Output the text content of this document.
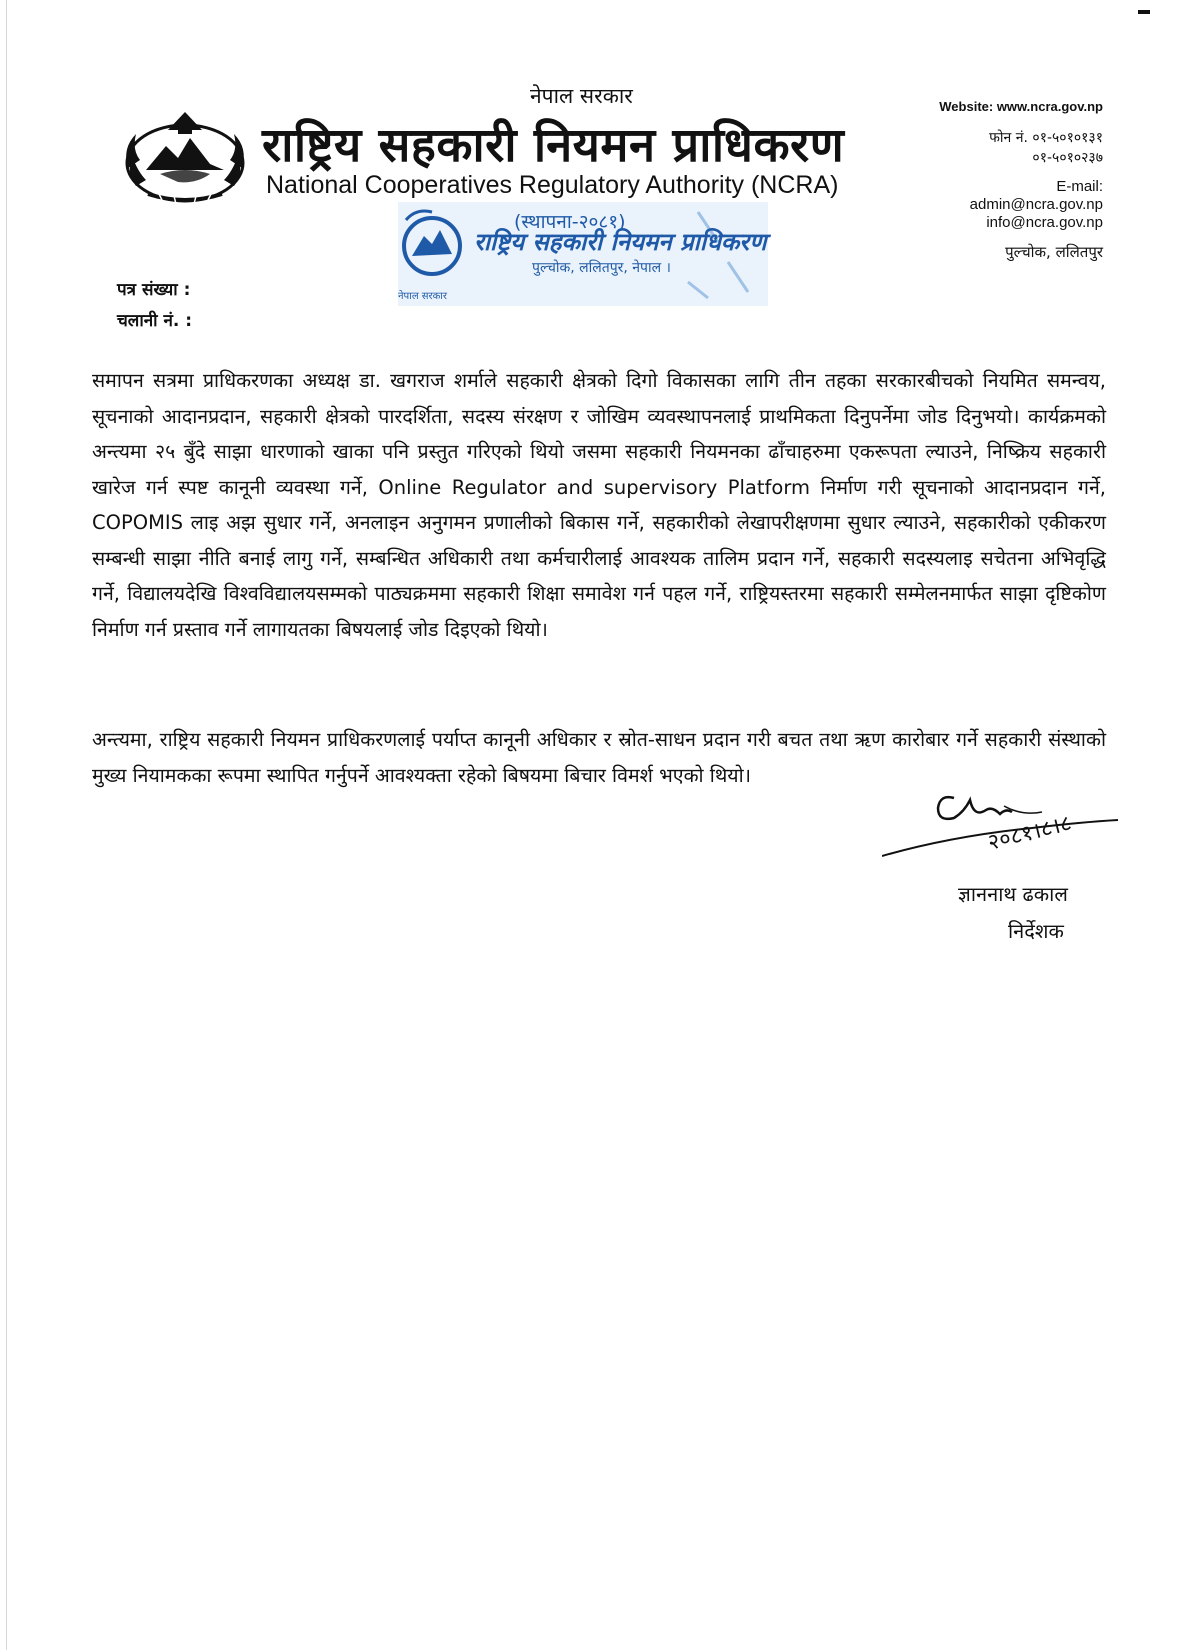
नेपाल सरकार
राष्ट्रिय सहकारी नियमन प्राधिकरण
National Cooperatives Regulatory Authority (NCRA)
Website: www.ncra.gov.np
फोन नं. ०१-५०१०१३१
०१-५०१०२३७
E-mail:
admin@ncra.gov.np
info@ncra.gov.np
पुल्चोक, ललितपुर
(स्थापना-२०८१)
राष्ट्रिय सहकारी नियमन प्राधिकरण
पुल्चोक, ललितपुर, नेपाल ।
नेपाल सरकार
पत्र संख्या :
चलानी नं. :
समापन सत्रमा प्राधिकरणका अध्यक्ष डा. खगराज शर्माले सहकारी क्षेत्रको दिगो विकासका लागि तीन तहका सरकारबीचको नियमित समन्वय, सूचनाको आदानप्रदान, सहकारी क्षेत्रको पारदर्शिता, सदस्य संरक्षण र जोखिम व्यवस्थापनलाई प्राथमिकता दिनुपर्नेमा जोड दिनुभयो। कार्यक्रमको अन्त्यमा २५ बुँदे साझा धारणाको खाका पनि प्रस्तुत गरिएको थियो जसमा सहकारी नियमनका ढाँचाहरुमा एकरूपता ल्याउने, निष्क्रिय सहकारी खारेज गर्न स्पष्ट कानूनी व्यवस्था गर्ने, Online Regulator and supervisory Platform निर्माण गरी सूचनाको आदानप्रदान गर्ने, COPOMIS लाइ अझ सुधार गर्ने, अनलाइन अनुगमन प्रणालीको बिकास गर्ने, सहकारीको लेखापरीक्षणमा सुधार ल्याउने, सहकारीको एकीकरण सम्बन्धी साझा नीति बनाई लागु गर्ने, सम्बन्धित अधिकारी तथा कर्मचारीलाई आवश्यक तालिम प्रदान गर्ने, सहकारी सदस्यलाइ सचेतना अभिवृद्धि गर्ने, विद्यालयदेखि विश्वविद्यालयसम्मको पाठ्यक्रममा सहकारी शिक्षा समावेश गर्न पहल गर्ने, राष्ट्रियस्तरमा सहकारी सम्मेलनमार्फत साझा दृष्टिकोण निर्माण गर्न प्रस्ताव गर्ने लागायतका बिषयलाई जोड दिइएको थियो।
अन्त्यमा, राष्ट्रिय सहकारी नियमन प्राधिकरणलाई पर्याप्त कानूनी अधिकार र स्रोत-साधन प्रदान गरी बचत तथा ऋण कारोबार गर्ने सहकारी संस्थाको मुख्य नियामकका रूपमा स्थापित गर्नुपर्ने आवश्यक्ता रहेको बिषयमा बिचार विमर्श भएको थियो।
२०८१।८।८
ज्ञाननाथ ढकाल
निर्देशक
